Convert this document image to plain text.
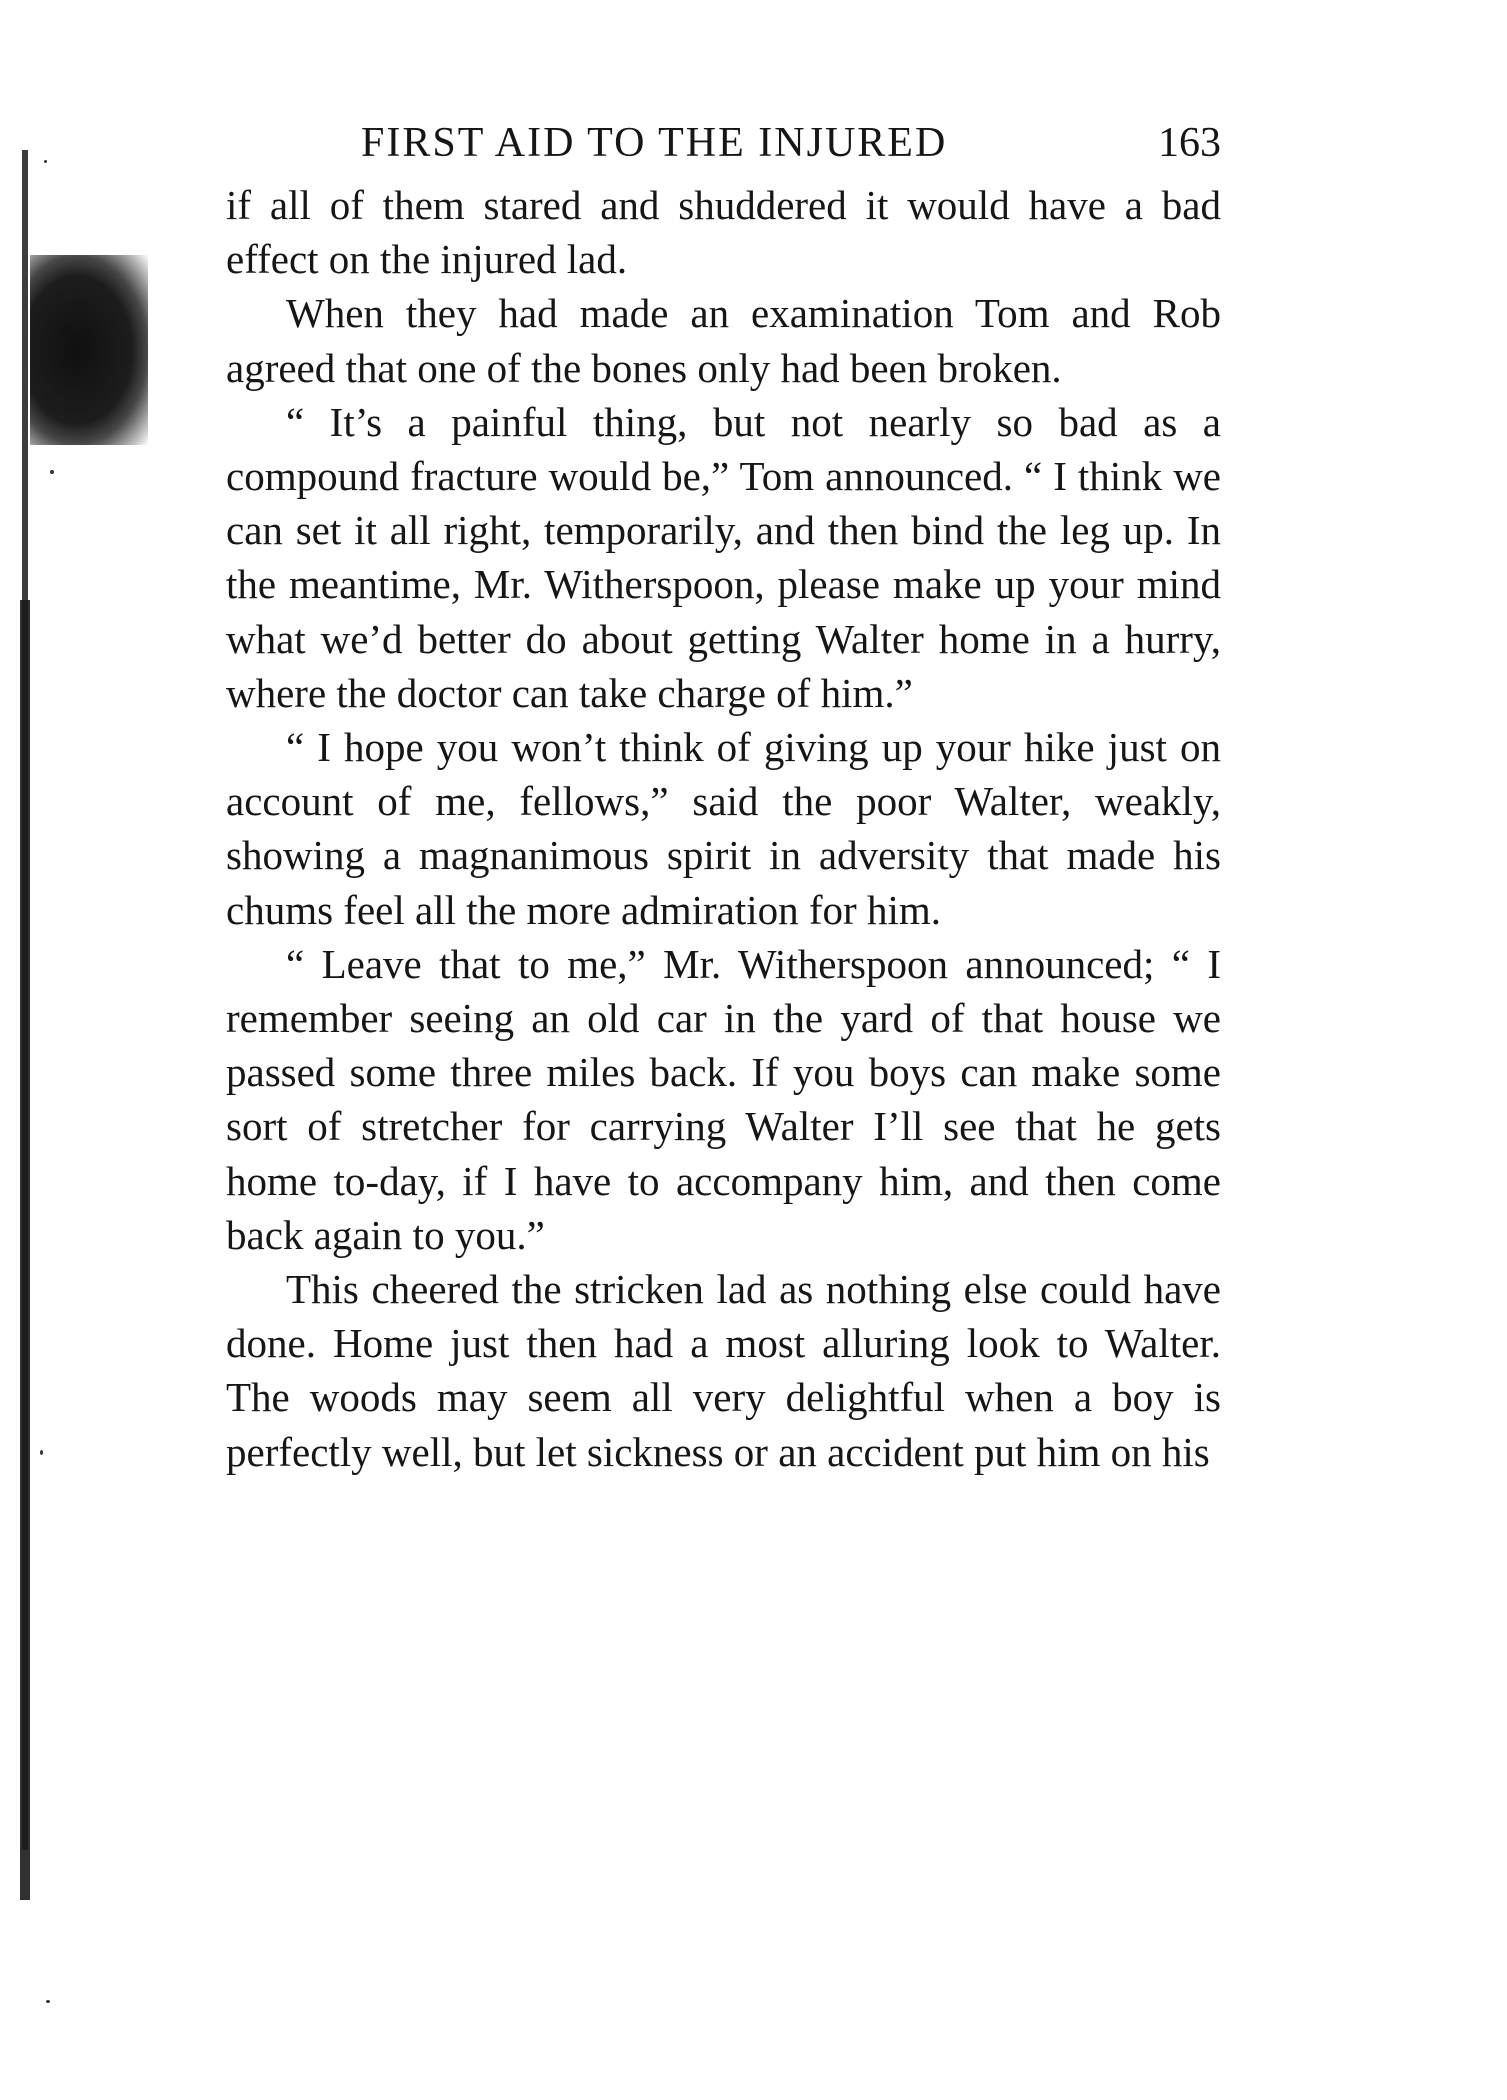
FIRST AID TO THE INJURED	163

if all of them stared and shuddered it would have a bad effect on the injured lad.

When they had made an examination Tom and Rob agreed that one of the bones only had been broken.

“ It’s a painful thing, but not nearly so bad as a compound fracture would be,” Tom announced. “ I think we can set it all right, temporarily, and then bind the leg up. In the meantime, Mr. Witherspoon, please make up your mind what we’d better do about getting Walter home in a hurry, where the doctor can take charge of him.”

“ I hope you won’t think of giving up your hike just on account of me, fellows,” said the poor Walter, weakly, showing a magnanimous spirit in adversity that made his chums feel all the more admiration for him.

“ Leave that to me,” Mr. Witherspoon announced; “ I remember seeing an old car in the yard of that house we passed some three miles back. If you boys can make some sort of stretcher for carrying Walter I’ll see that he gets home to-day, if I have to accompany him, and then come back again to you.”

This cheered the stricken lad as nothing else could have done. Home just then had a most alluring look to Walter. The woods may seem all very delightful when a boy is perfectly well, but let sickness or an accident put him on his
